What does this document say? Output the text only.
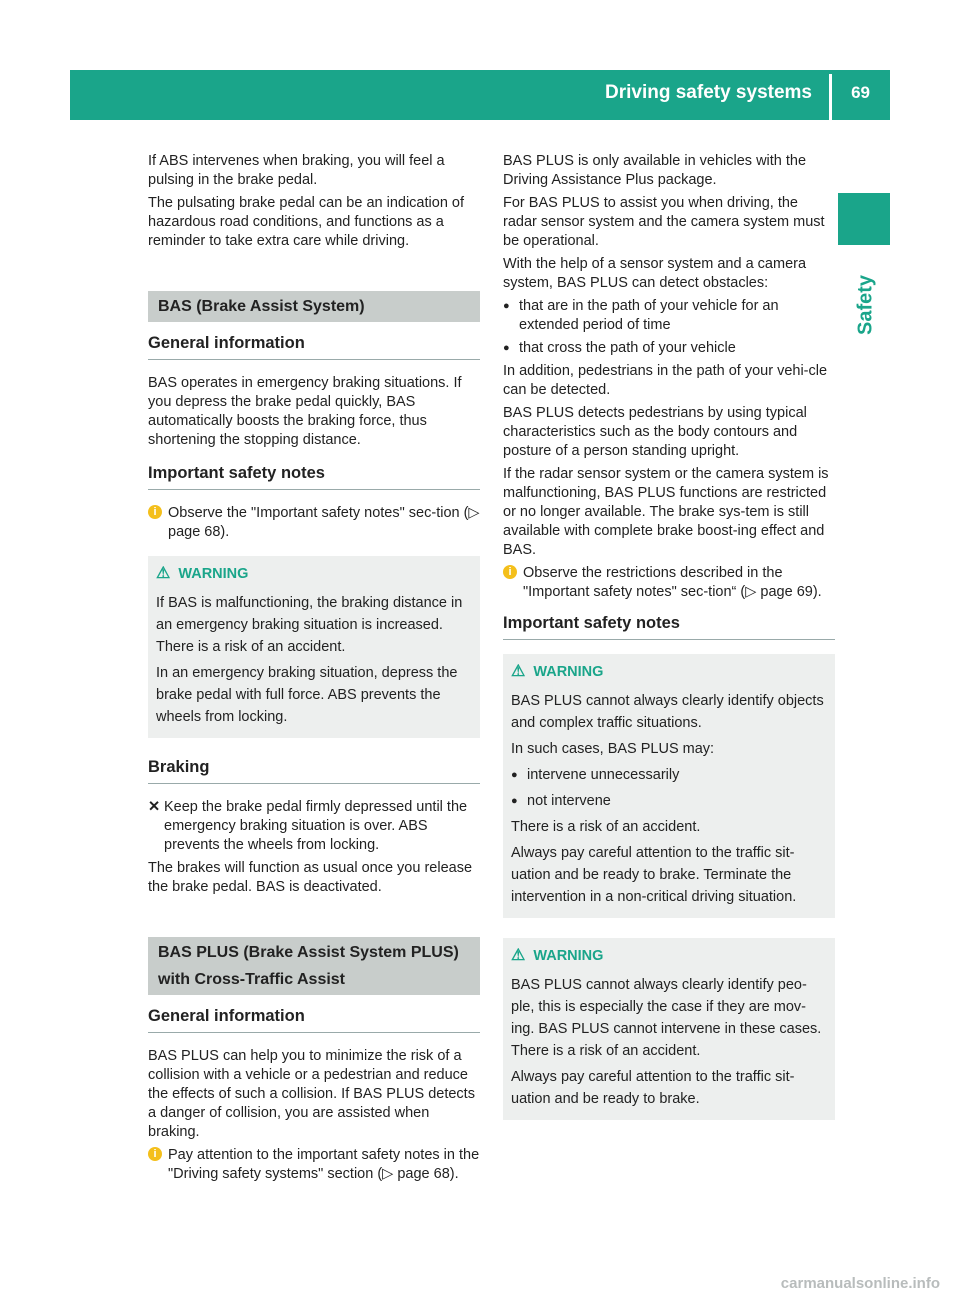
Driving safety systems 69
Safety

If ABS intervenes when braking, you will feel a pulsing in the brake pedal.

The pulsating brake pedal can be an indication of hazardous road conditions, and functions as a reminder to take extra care while driving.

BAS (Brake Assist System)
General information

BAS operates in emergency braking situations. If you depress the brake pedal quickly, BAS automatically boosts the braking force, thus shortening the stopping distance.

Important safety notes

i Observe the "Important safety notes" sec-tion (▷ page 68).

⚠ WARNING

If BAS is malfunctioning, the braking distance in an emergency braking situation is increased. There is a risk of an accident.

In an emergency braking situation, depress the brake pedal with full force. ABS prevents the wheels from locking.

Braking

✕ Keep the brake pedal firmly depressed until the emergency braking situation is over. ABS prevents the wheels from locking.

The brakes will function as usual once you release the brake pedal. BAS is deactivated.

BAS PLUS (Brake Assist System PLUS) with Cross-Traffic Assist
General information

BAS PLUS can help you to minimize the risk of a collision with a vehicle or a pedestrian and reduce the effects of such a collision. If BAS PLUS detects a danger of collision, you are assisted when braking.

i Pay attention to the important safety notes in the "Driving safety systems" section (▷ page 68).

BAS PLUS is only available in vehicles with the Driving Assistance Plus package.

For BAS PLUS to assist you when driving, the radar sensor system and the camera system must be operational.

With the help of a sensor system and a camera system, BAS PLUS can detect obstacles:

● that are in the path of your vehicle for an extended period of time

● that cross the path of your vehicle

In addition, pedestrians in the path of your vehi-cle can be detected.

BAS PLUS detects pedestrians by using typical characteristics such as the body contours and posture of a person standing upright.

If the radar sensor system or the camera system is malfunctioning, BAS PLUS functions are restricted or no longer available. The brake sys-tem is still available with complete brake boost-ing effect and BAS.

i Observe the restrictions described in the "Important safety notes" sec-tion“ (▷ page 69).

Important safety notes
⚠ WARNING

BAS PLUS cannot always clearly identify objects and complex traffic situations.

In such cases, BAS PLUS may:

● intervene unnecessarily

● not intervene

There is a risk of an accident.

Always pay careful attention to the traffic sit-uation and be ready to brake. Terminate the intervention in a non-critical driving situation.

⚠ WARNING

BAS PLUS cannot always clearly identify peo-ple, this is especially the case if they are mov-ing. BAS PLUS cannot intervene in these cases. There is a risk of an accident.

Always pay careful attention to the traffic sit-uation and be ready to brake.

carmanualsonline.info
